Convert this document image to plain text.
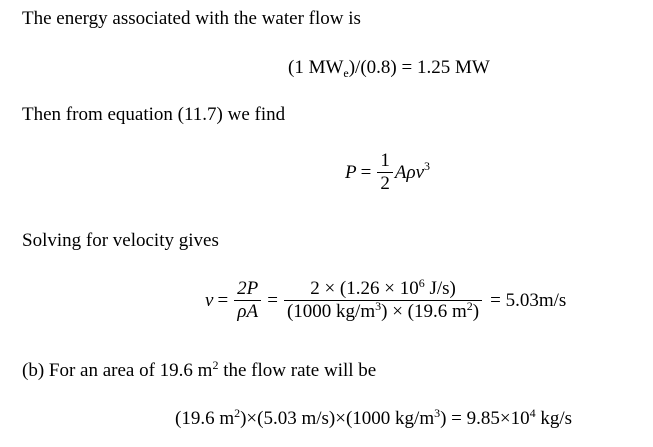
The energy associated with the water flow is
(1 $MW_e)/(0.8) = 1.25$ MW
Then from equation (11.7) we find
$P = \frac{1}{2}$ A ρ $v^3$
Solving for velocity gives
$v = \frac{2P}{\rho A} = \frac{2 \times (1.26 \times 10^6 J/s)}{(1000 kg/m^3) \times (19.6 m^2)} = 5.03m/s$
(b) For an area of 19.6 $m^2$ the flow rate will be
(19.6 $m^2)\times(5.03$ m/s)×(1000 $kg/m^3) = 9.85\times 10^4$ kg/s
